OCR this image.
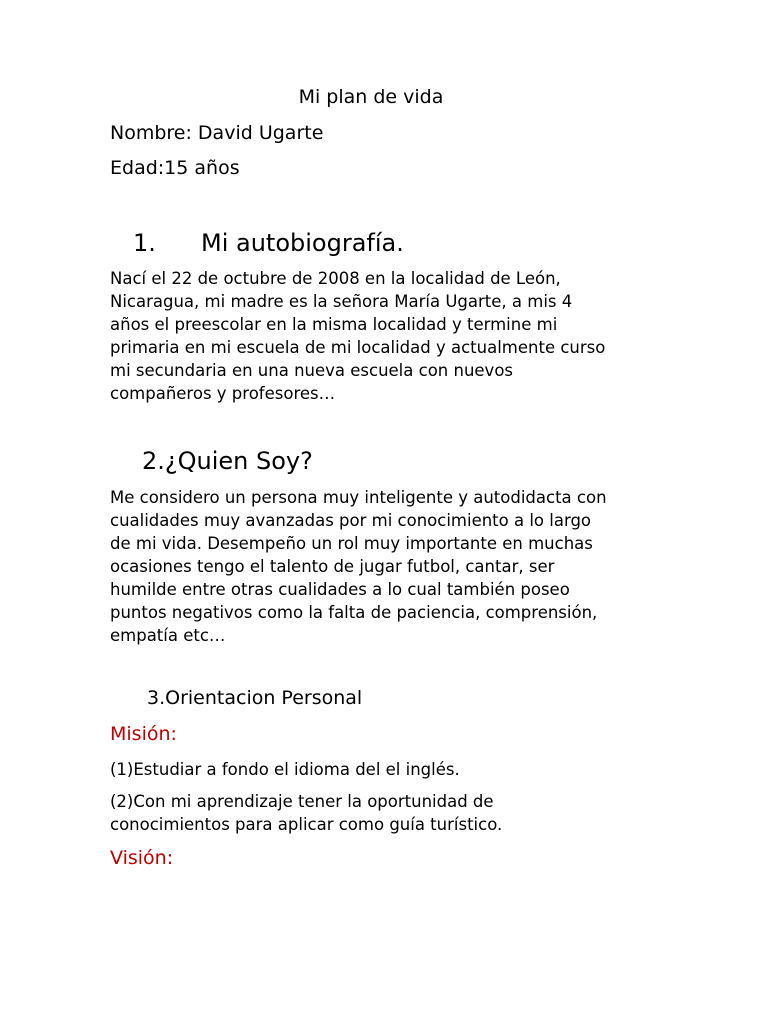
Mi plan de vida
Nombre: David Ugarte
Edad:15 años
1. Mi autobiografía.

Nací el 22 de octubre de 2008 en la localidad de León,
Nicaragua, mi madre es la señora María Ugarte, a mis 4
años el preescolar en la misma localidad y termine mi
primaria en mi escuela de mi localidad y actualmente curso
mi secundaria en una nueva escuela con nuevos
compañeros y profesores…

2.¿Quien Soy?

Me considero un persona muy inteligente y autodidacta con
cualidades muy avanzadas por mi conocimiento a lo largo
de mi vida. Desempeño un rol muy importante en muchas
ocasiones tengo el talento de jugar futbol, cantar, ser
humilde entre otras cualidades a lo cual también poseo
puntos negativos como la falta de paciencia, comprensión,
empatía etc…

3.Orientacion Personal
Misión:

(1)Estudiar a fondo el idioma del el inglés.

(2)Con mi aprendizaje tener la oportunidad de
conocimientos para aplicar como guía turístico.

Visión:
